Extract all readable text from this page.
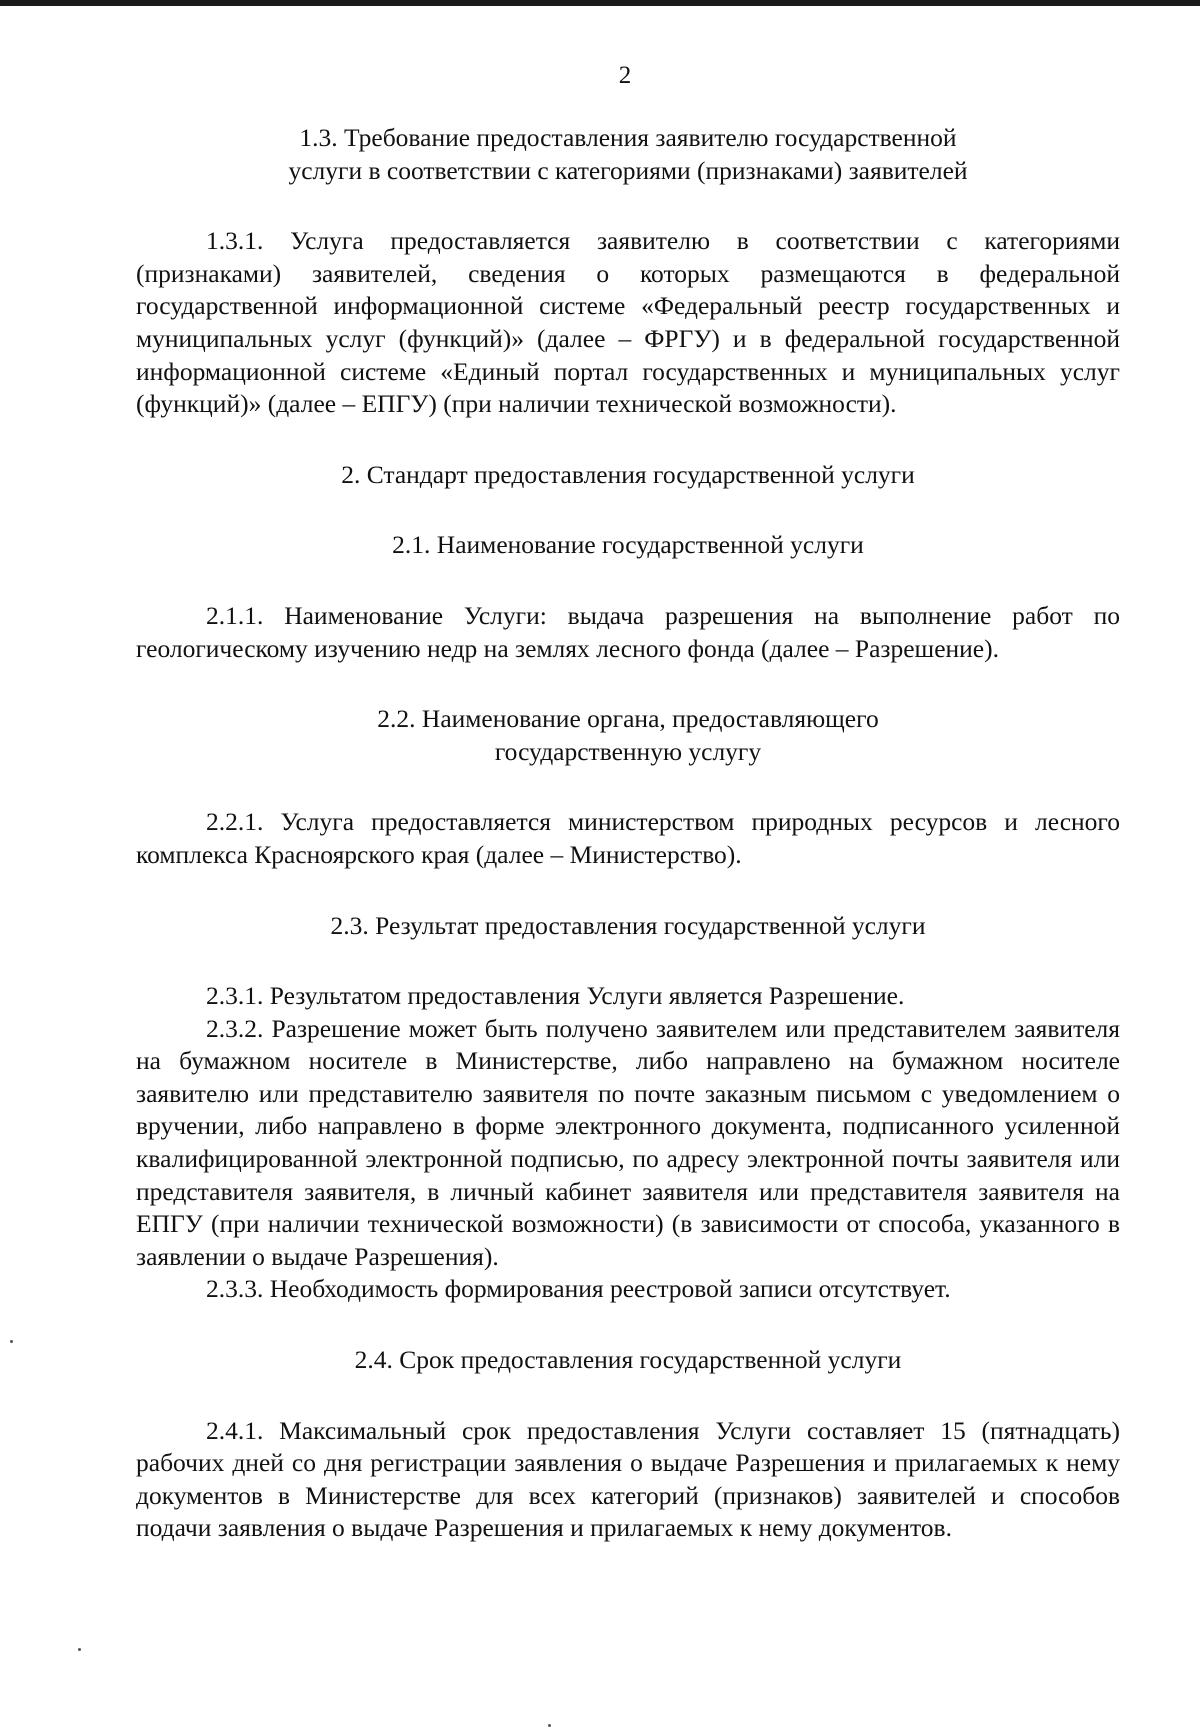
2
1.3. Требование предоставления заявителю государственной
услуги в соответствии с категориями (признаками) заявителей

1.3.1. Услуга предоставляется заявителю в соответствии с категориями (признаками) заявителей, сведения о которых размещаются в федеральной государственной информационной системе «Федеральный реестр государственных и муниципальных услуг (функций)» (далее – ФРГУ) и в федеральной государственной информационной системе «Единый портал государственных и муниципальных услуг (функций)» (далее – ЕПГУ) (при наличии технической возможности).

2. Стандарт предоставления государственной услуги
2.1. Наименование государственной услуги

2.1.1. Наименование Услуги: выдача разрешения на выполнение работ по геологическому изучению недр на землях лесного фонда (далее – Разрешение).

2.2. Наименование органа, предоставляющего
государственную услугу

2.2.1. Услуга предоставляется министерством природных ресурсов и лесного комплекса Красноярского края (далее – Министерство).

2.3. Результат предоставления государственной услуги

2.3.1. Результатом предоставления Услуги является Разрешение.

2.3.2. Разрешение может быть получено заявителем или представителем заявителя на бумажном носителе в Министерстве, либо направлено на бумажном носителе заявителю или представителю заявителя по почте заказным письмом с уведомлением о вручении, либо направлено в форме электронного документа, подписанного усиленной квалифицированной электронной подписью, по адресу электронной почты заявителя или представителя заявителя, в личный кабинет заявителя или представителя заявителя на ЕПГУ (при наличии технической возможности) (в зависимости от способа, указанного в заявлении о выдаче Разрешения).

2.3.3. Необходимость формирования реестровой записи отсутствует.

2.4. Срок предоставления государственной услуги

2.4.1. Максимальный срок предоставления Услуги составляет 15 (пятнадцать) рабочих дней со дня регистрации заявления о выдаче Разрешения и прилагаемых к нему документов в Министерстве для всех категорий (признаков) заявителей и способов подачи заявления о выдаче Разрешения и прилагаемых к нему документов.
